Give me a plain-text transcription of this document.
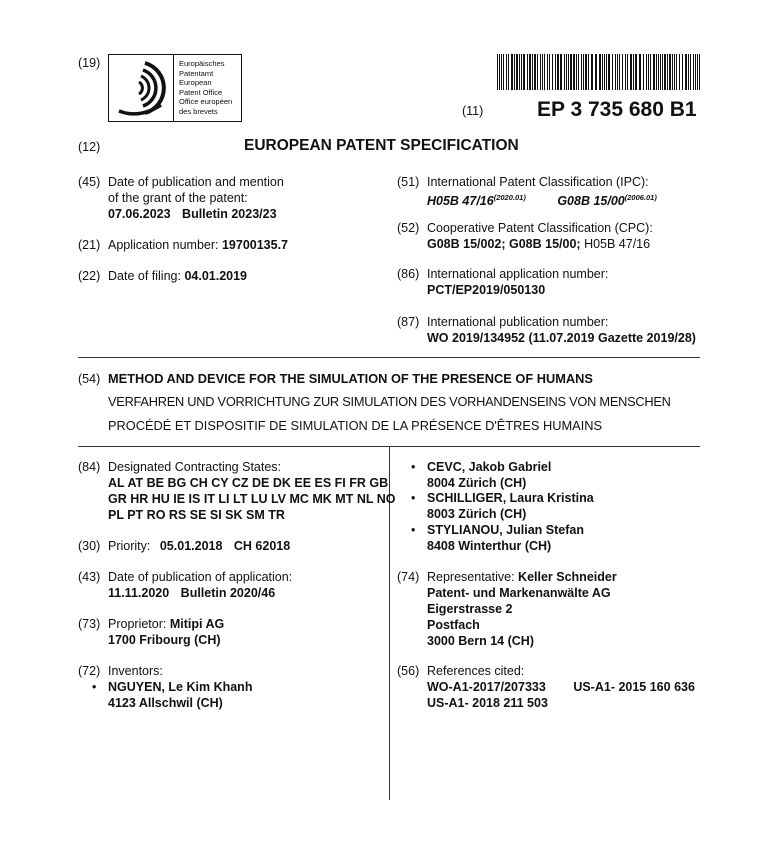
(19)	Europäisches
Patentamt
European
Patent Office
Office européen
des brevets	(11)	EP 3 735 680 B1
(12)	EUROPEAN PATENT SPECIFICATION
(45) Date of publication and mention
of the grant of the patent:
07.06.2023 Bulletin 2023/23
(21) Application number: 19700135.7
(22) Date of filing: 04.01.2019
(51) International Patent Classification (IPC):
H05B $47/16^{(2020.01)}$	G08B $15/00^{(2006.01)}$
(52) Cooperative Patent Classification (CPC):
G08B 15/002; G08B 15/00; H05B 47/16
(86) International application number:
PCT/EP2019/050130
(87) International publication number:
WO 2019/134952 (11.07.2019 Gazette 2019/28)
(54) METHOD AND DEVICE FOR THE SIMULATION OF THE PRESENCE OF HUMANS
VERFAHREN UND VORRICHTUNG ZUR SIMULATION DES VORHANDENSEINS VON MENSCHEN
PROCÉDÉ ET DISPOSITIF DE SIMULATION DE LA PRÉSENCE D'ÊTRES HUMAINS
(84) Designated Contracting States:
AL AT BE BG CH CY CZ DE DK EE ES FI FR GB
GR HR HU IE IS IT LI LT LU LV MC MK MT NL NO
PL PT RO RS SE SI SK SM TR
(30) Priority: 05.01.2018 CH 62018
(43) Date of publication of application:
11.11.2020 Bulletin 2020/46
(73) Proprietor: Mitipi AG
1700 Fribourg (CH)
(72) Inventors:
• NGUYEN, Le Kim Khanh
4123 Allschwil (CH)
• CEVC, Jakob Gabriel
8004 Zürich (CH)
• SCHILLIGER, Laura Kristina
8003 Zürich (CH)
• STYLIANOU, Julian Stefan
8408 Winterthur (CH)
(74) Representative: Keller Schneider
Patent- und Markenanwälte AG
Eigerstrasse 2
Postfach
3000 Bern 14 (CH)
(56) References cited:
WO-A1-2017/207333 US-A1- 2015 160 636
US-A1- 2018 211 503
